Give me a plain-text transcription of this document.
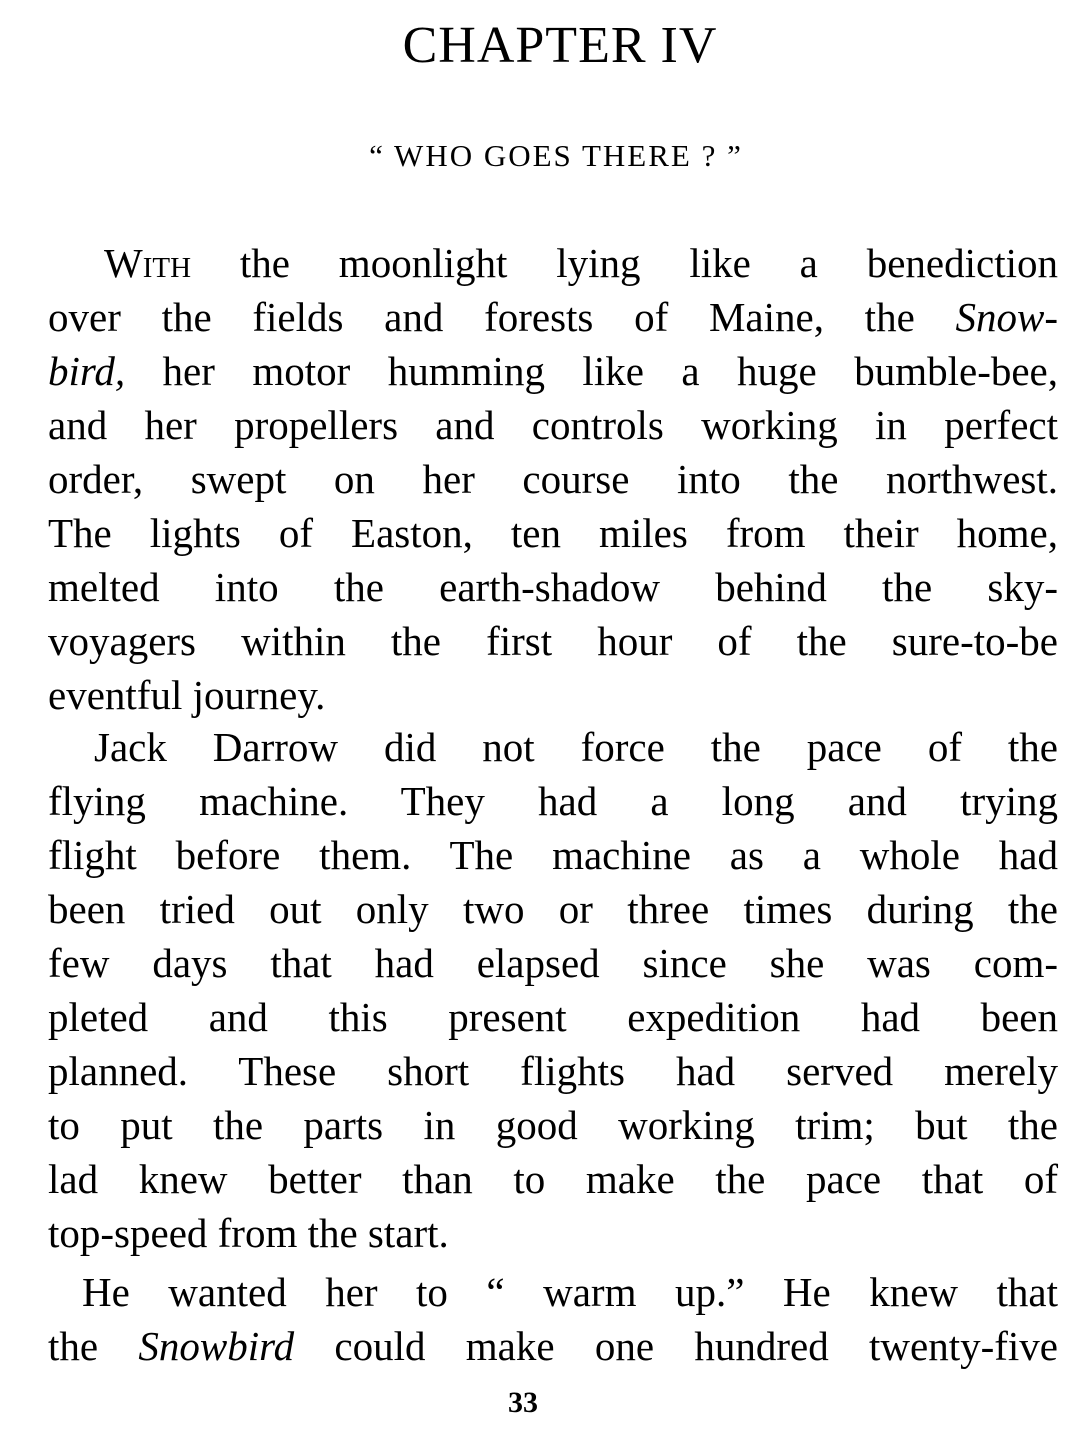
CHAPTER IV
“ WHO GOES THERE ? ”
With the moonlight lying like a benediction
over the fields and forests of Maine, the Snow-
bird, her motor humming like a huge bumble-bee,
and her propellers and controls working in perfect
order, swept on her course into the northwest.
The lights of Easton, ten miles from their home,
melted into the earth-shadow behind the sky-
voyagers within the first hour of the sure-to-be
eventful journey.
Jack Darrow did not force the pace of the
flying machine. They had a long and trying
flight before them. The machine as a whole had
been tried out only two or three times during the
few days that had elapsed since she was com-
pleted and this present expedition had been
planned. These short flights had served merely
to put the parts in good working trim; but the
lad knew better than to make the pace that of
top-speed from the start.
He wanted her to “ warm up.” He knew that
the Snowbird could make one hundred twenty-five
33
